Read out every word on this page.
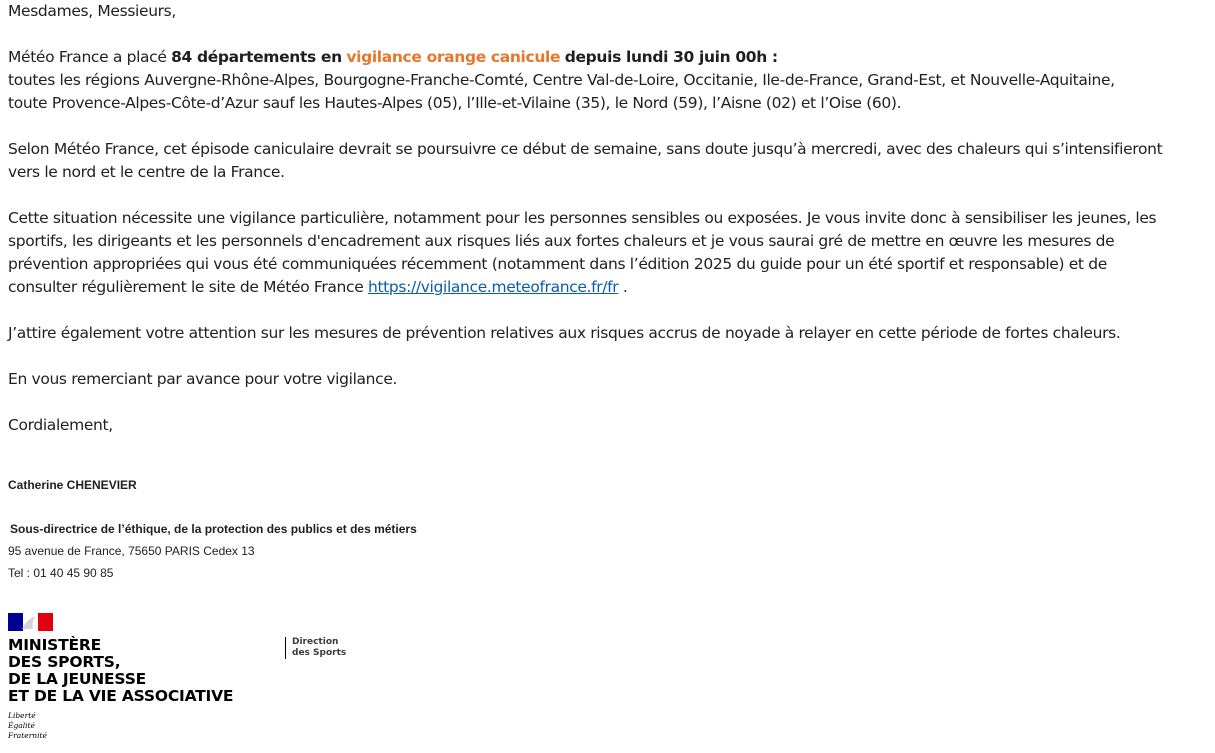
Mesdames, Messieurs,

Météo France a placé 84 départements en vigilance orange canicule depuis lundi 30 juin 00h :
toutes les régions Auvergne-Rhône-Alpes, Bourgogne-Franche-Comté, Centre Val-de-Loire, Occitanie, Ile-de-France, Grand-Est, et Nouvelle-Aquitaine,
toute Provence-Alpes-Côte-d’Azur sauf les Hautes-Alpes (05), l’Ille-et-Vilaine (35), le Nord (59), l’Aisne (02) et l’Oise (60).

Selon Météo France, cet épisode caniculaire devrait se poursuivre ce début de semaine, sans doute jusqu’à mercredi, avec des chaleurs qui s’intensifieront
vers le nord et le centre de la France.

Cette situation nécessite une vigilance particulière, notamment pour les personnes sensibles ou exposées. Je vous invite donc à sensibiliser les jeunes, les
sportifs, les dirigeants et les personnels d'encadrement aux risques liés aux fortes chaleurs et je vous saurai gré de mettre en œuvre les mesures de
prévention appropriées qui vous été communiquées récemment (notamment dans l’édition 2025 du guide pour un été sportif et responsable) et de
consulter régulièrement le site de Météo France https://vigilance.meteofrance.fr/fr .

J’attire également votre attention sur les mesures de prévention relatives aux risques accrus de noyade à relayer en cette période de fortes chaleurs.

En vous remerciant par avance pour votre vigilance.

Cordialement,

Catherine CHENEVIER
Sous-directrice de l’éthique, de la protection des publics et des métiers
95 avenue de France, 75650 PARIS Cedex 13
Tel : 01 40 45 90 85
MINISTÈRE
DES SPORTS,
DE LA JEUNESSE
ET DE LA VIE ASSOCIATIVE
Liberté
Égalité
Fraternité
Direction
des Sports
